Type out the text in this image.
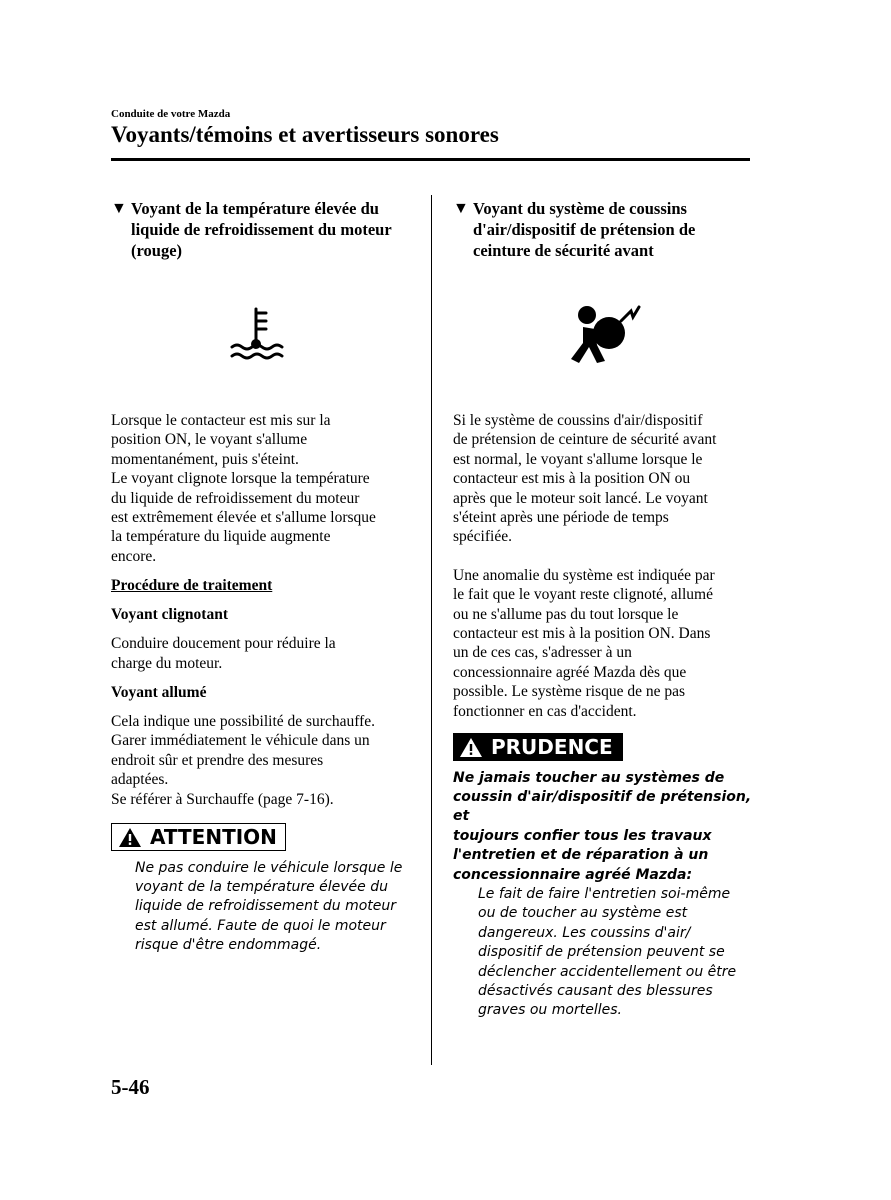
Conduite de votre Mazda
Voyants/témoins et avertisseurs sonores
▼ Voyant de la température élevée du liquide de refroidissement du moteur (rouge)
Lorsque le contacteur est mis sur la
position ON, le voyant s'allume
momentanément, puis s'éteint.
Le voyant clignote lorsque la température
du liquide de refroidissement du moteur
est extrêmement élevée et s'allume lorsque
la température du liquide augmente
encore.
Procédure de traitement
Voyant clignotant
Conduire doucement pour réduire la
charge du moteur.
Voyant allumé
Cela indique une possibilité de surchauffe.
Garer immédiatement le véhicule dans un
endroit sûr et prendre des mesures
adaptées.
Se référer à Surchauffe (page 7-16).
ATTENTION
Ne pas conduire le véhicule lorsque le
voyant de la température élevée du
liquide de refroidissement du moteur
est allumé. Faute de quoi le moteur
risque d'être endommagé.
▼ Voyant du système de coussins d'air/dispositif de prétension de ceinture de sécurité avant
Si le système de coussins d'air/dispositif
de prétension de ceinture de sécurité avant
est normal, le voyant s'allume lorsque le
contacteur est mis à la position ON ou
après que le moteur soit lancé. Le voyant
s'éteint après une période de temps
spécifiée.
Une anomalie du système est indiquée par
le fait que le voyant reste clignoté, allumé
ou ne s'allume pas du tout lorsque le
contacteur est mis à la position ON. Dans
un de ces cas, s'adresser à un
concessionnaire agréé Mazda dès que
possible. Le système risque de ne pas
fonctionner en cas d'accident.
PRUDENCE
Ne jamais toucher au systèmes de
coussin d'air/dispositif de prétension, et
toujours confier tous les travaux
l'entretien et de réparation à un
concessionnaire agréé Mazda:
Le fait de faire l'entretien soi-même
ou de toucher au système est
dangereux. Les coussins d'air/
dispositif de prétension peuvent se
déclencher accidentellement ou être
désactivés causant des blessures
graves ou mortelles.
5-46
